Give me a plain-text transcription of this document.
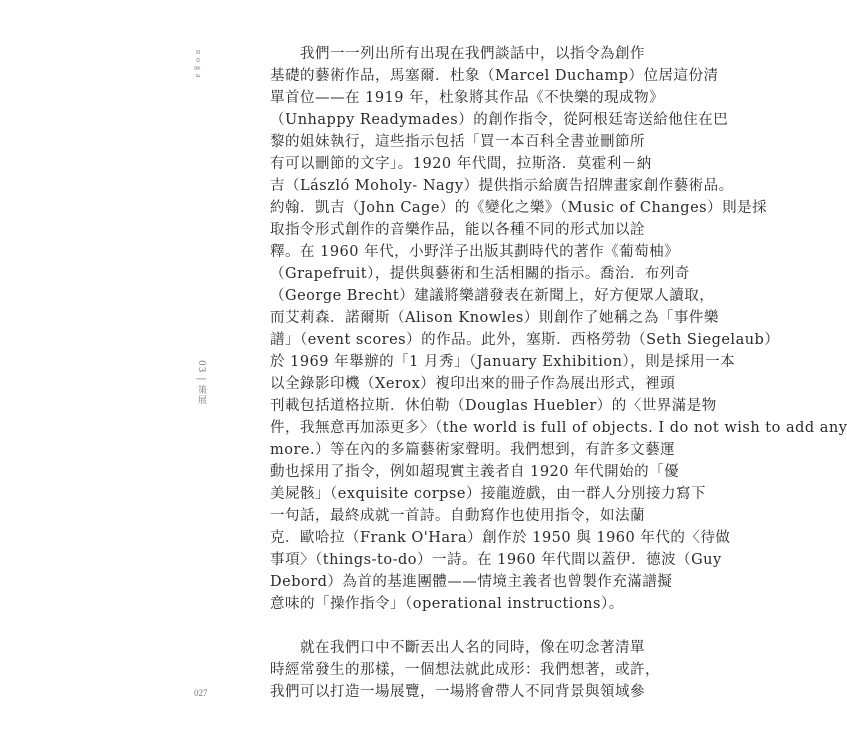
n o g a
03 | 策展
027
　　我們一一列出所有出現在我們談話中，以指令為創作
基礎的藝術作品，馬塞爾．杜象（Marcel Duchamp）位居這份清
單首位——在 1919 年，杜象將其作品《不快樂的現成物》
（Unhappy Readymades）的創作指令，從阿根廷寄送給他住在巴
黎的姐妹執行，這些指示包括「買一本百科全書並刪節所
有可以刪節的文字」。1920 年代間，拉斯洛．莫霍利－納
吉（László Moholy- Nagy）提供指示給廣告招牌畫家創作藝術品。
約翰．凱吉（John Cage）的《變化之樂》（Music of Changes）則是採
取指令形式創作的音樂作品，能以各種不同的形式加以詮
釋。在 1960 年代，小野洋子出版其劃時代的著作《葡萄柚》
（Grapefruit），提供與藝術和生活相關的指示。喬治．布列奇
（George Brecht）建議將樂譜發表在新聞上，好方便眾人讀取，
而艾莉森．諾爾斯（Alison Knowles）則創作了她稱之為「事件樂
譜」（event scores）的作品。此外，塞斯．西格勞勃（Seth Siegelaub）
於 1969 年舉辦的「1 月秀」（January Exhibition），則是採用一本
以全錄影印機（Xerox）複印出來的冊子作為展出形式，裡頭
刊載包括道格拉斯．休伯勒（Douglas Huebler）的〈世界滿是物
件，我無意再加添更多〉（the world is full of objects. I do not wish to add any
more.）等在內的多篇藝術家聲明。我們想到，有許多文藝運
動也採用了指令，例如超現實主義者自 1920 年代開始的「優
美屍骸」（exquisite corpse）接龍遊戲，由一群人分別接力寫下
一句話，最終成就一首詩。自動寫作也使用指令，如法蘭
克．歐哈拉（Frank O'Hara）創作於 1950 與 1960 年代的〈待做
事項〉（things-to-do）一詩。在 1960 年代間以蓋伊．德波（Guy
Debord）為首的基進團體——情境主義者也曾製作充滿譜擬
意味的「操作指令」（operational instructions）。
　　就在我們口中不斷丟出人名的同時，像在叨念著清單
時經常發生的那樣，一個想法就此成形：我們想著，或許，
我們可以打造一場展覽，一場將會帶人不同背景與領域參
